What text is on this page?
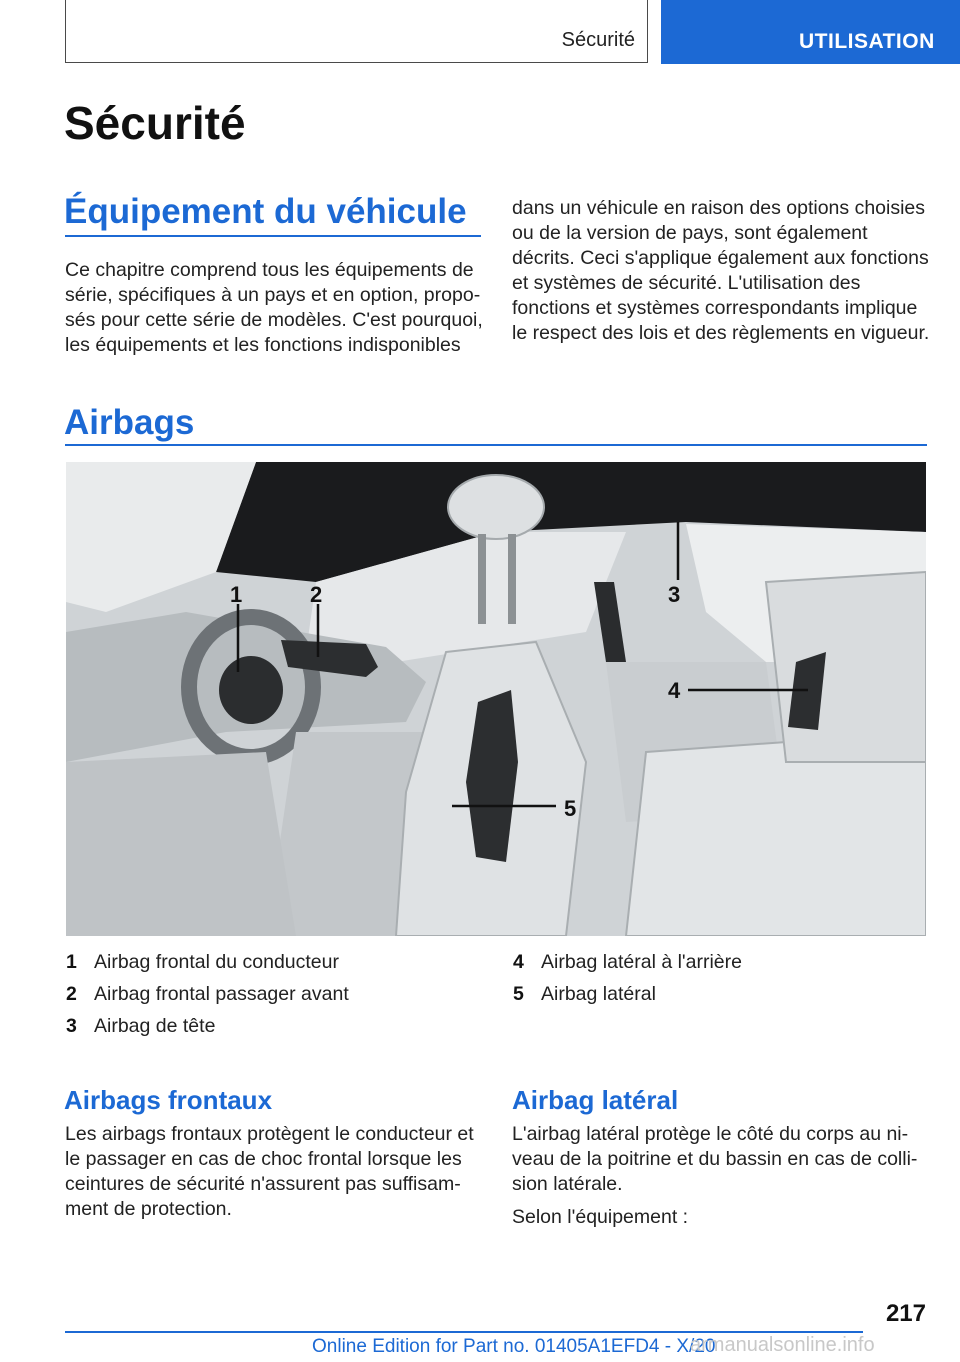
Sécurité	UTILISATION
Sécurité
Équipement du véhicule

Ce chapitre comprend tous les équipements de série, spécifiques à un pays et en option, proposés pour cette série de modèles. C'est pourquoi, les équipements et les fonctions indisponibles

dans un véhicule en raison des options choisies ou de la version de pays, sont également décrits. Ceci s'applique également aux fonctions et systèmes de sécurité. L'utilisation des fonctions et systèmes correspondants implique le respect des lois et des règlements en vigueur.

Airbags
1	2	3
4
5
1 Airbag frontal du conducteur
2 Airbag frontal passager avant
3 Airbag de tête
4 Airbag latéral à l'arrière
5 Airbag latéral
Airbags frontaux

Les airbags frontaux protègent le conducteur et le passager en cas de choc frontal lorsque les ceintures de sécurité n'assurent pas suffisamment de protection.

Airbag latéral

L'airbag latéral protège le côté du corps au niveau de la poitrine et du bassin en cas de collision latérale.

Selon l'équipement :

217
Online Edition for Part no. 01405A1EFD4 - X/20
armanualsonline.info
